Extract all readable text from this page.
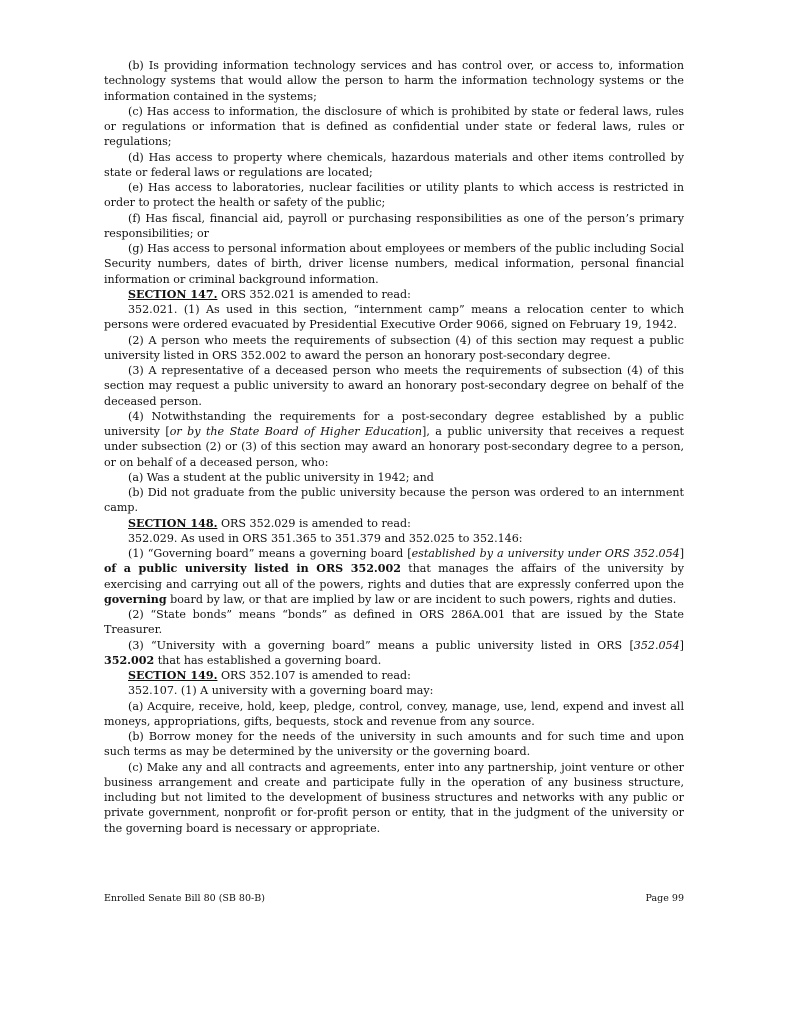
(b) Is providing information technology services and has control over, or access to, information technology systems that would allow the person to harm the information technology systems or the information contained in the systems;

(c) Has access to information, the disclosure of which is prohibited by state or federal laws, rules or regulations or information that is defined as confidential under state or federal laws, rules or regulations;

(d) Has access to property where chemicals, hazardous materials and other items controlled by state or federal laws or regulations are located;

(e) Has access to laboratories, nuclear facilities or utility plants to which access is restricted in order to protect the health or safety of the public;

(f) Has fiscal, financial aid, payroll or purchasing responsibilities as one of the person’s primary responsibilities; or

(g) Has access to personal information about employees or members of the public including Social Security numbers, dates of birth, driver license numbers, medical information, personal financial information or criminal background information.

SECTION 147. ORS 352.021 is amended to read:

352.021. (1) As used in this section, “internment camp” means a relocation center to which persons were ordered evacuated by Presidential Executive Order 9066, signed on February 19, 1942.

(2) A person who meets the requirements of subsection (4) of this section may request a public university listed in ORS 352.002 to award the person an honorary post-secondary degree.

(3) A representative of a deceased person who meets the requirements of subsection (4) of this section may request a public university to award an honorary post-secondary degree on behalf of the deceased person.

(4) Notwithstanding the requirements for a post-secondary degree established by a public university [or by the State Board of Higher Education], a public university that receives a request under subsection (2) or (3) of this section may award an honorary post-secondary degree to a person, or on behalf of a deceased person, who:

(a) Was a student at the public university in 1942; and

(b) Did not graduate from the public university because the person was ordered to an internment camp.

SECTION 148. ORS 352.029 is amended to read:

352.029. As used in ORS 351.365 to 351.379 and 352.025 to 352.146:

(1) “Governing board” means a governing board [established by a university under ORS 352.054] of a public university listed in ORS 352.002 that manages the affairs of the university by exercising and carrying out all of the powers, rights and duties that are expressly conferred upon the governing board by law, or that are implied by law or are incident to such powers, rights and duties.

(2) “State bonds” means “bonds” as defined in ORS 286A.001 that are issued by the State Treasurer.

(3) “University with a governing board” means a public university listed in ORS [352.054] 352.002 that has established a governing board.

SECTION 149. ORS 352.107 is amended to read:

352.107. (1) A university with a governing board may:

(a) Acquire, receive, hold, keep, pledge, control, convey, manage, use, lend, expend and invest all moneys, appropriations, gifts, bequests, stock and revenue from any source.

(b) Borrow money for the needs of the university in such amounts and for such time and upon such terms as may be determined by the university or the governing board.

(c) Make any and all contracts and agreements, enter into any partnership, joint venture or other business arrangement and create and participate fully in the operation of any business structure, including but not limited to the development of business structures and networks with any public or private government, nonprofit or for-profit person or entity, that in the judgment of the university or the governing board is necessary or appropriate.

Enrolled Senate Bill 80 (SB 80-B)	Page 99
